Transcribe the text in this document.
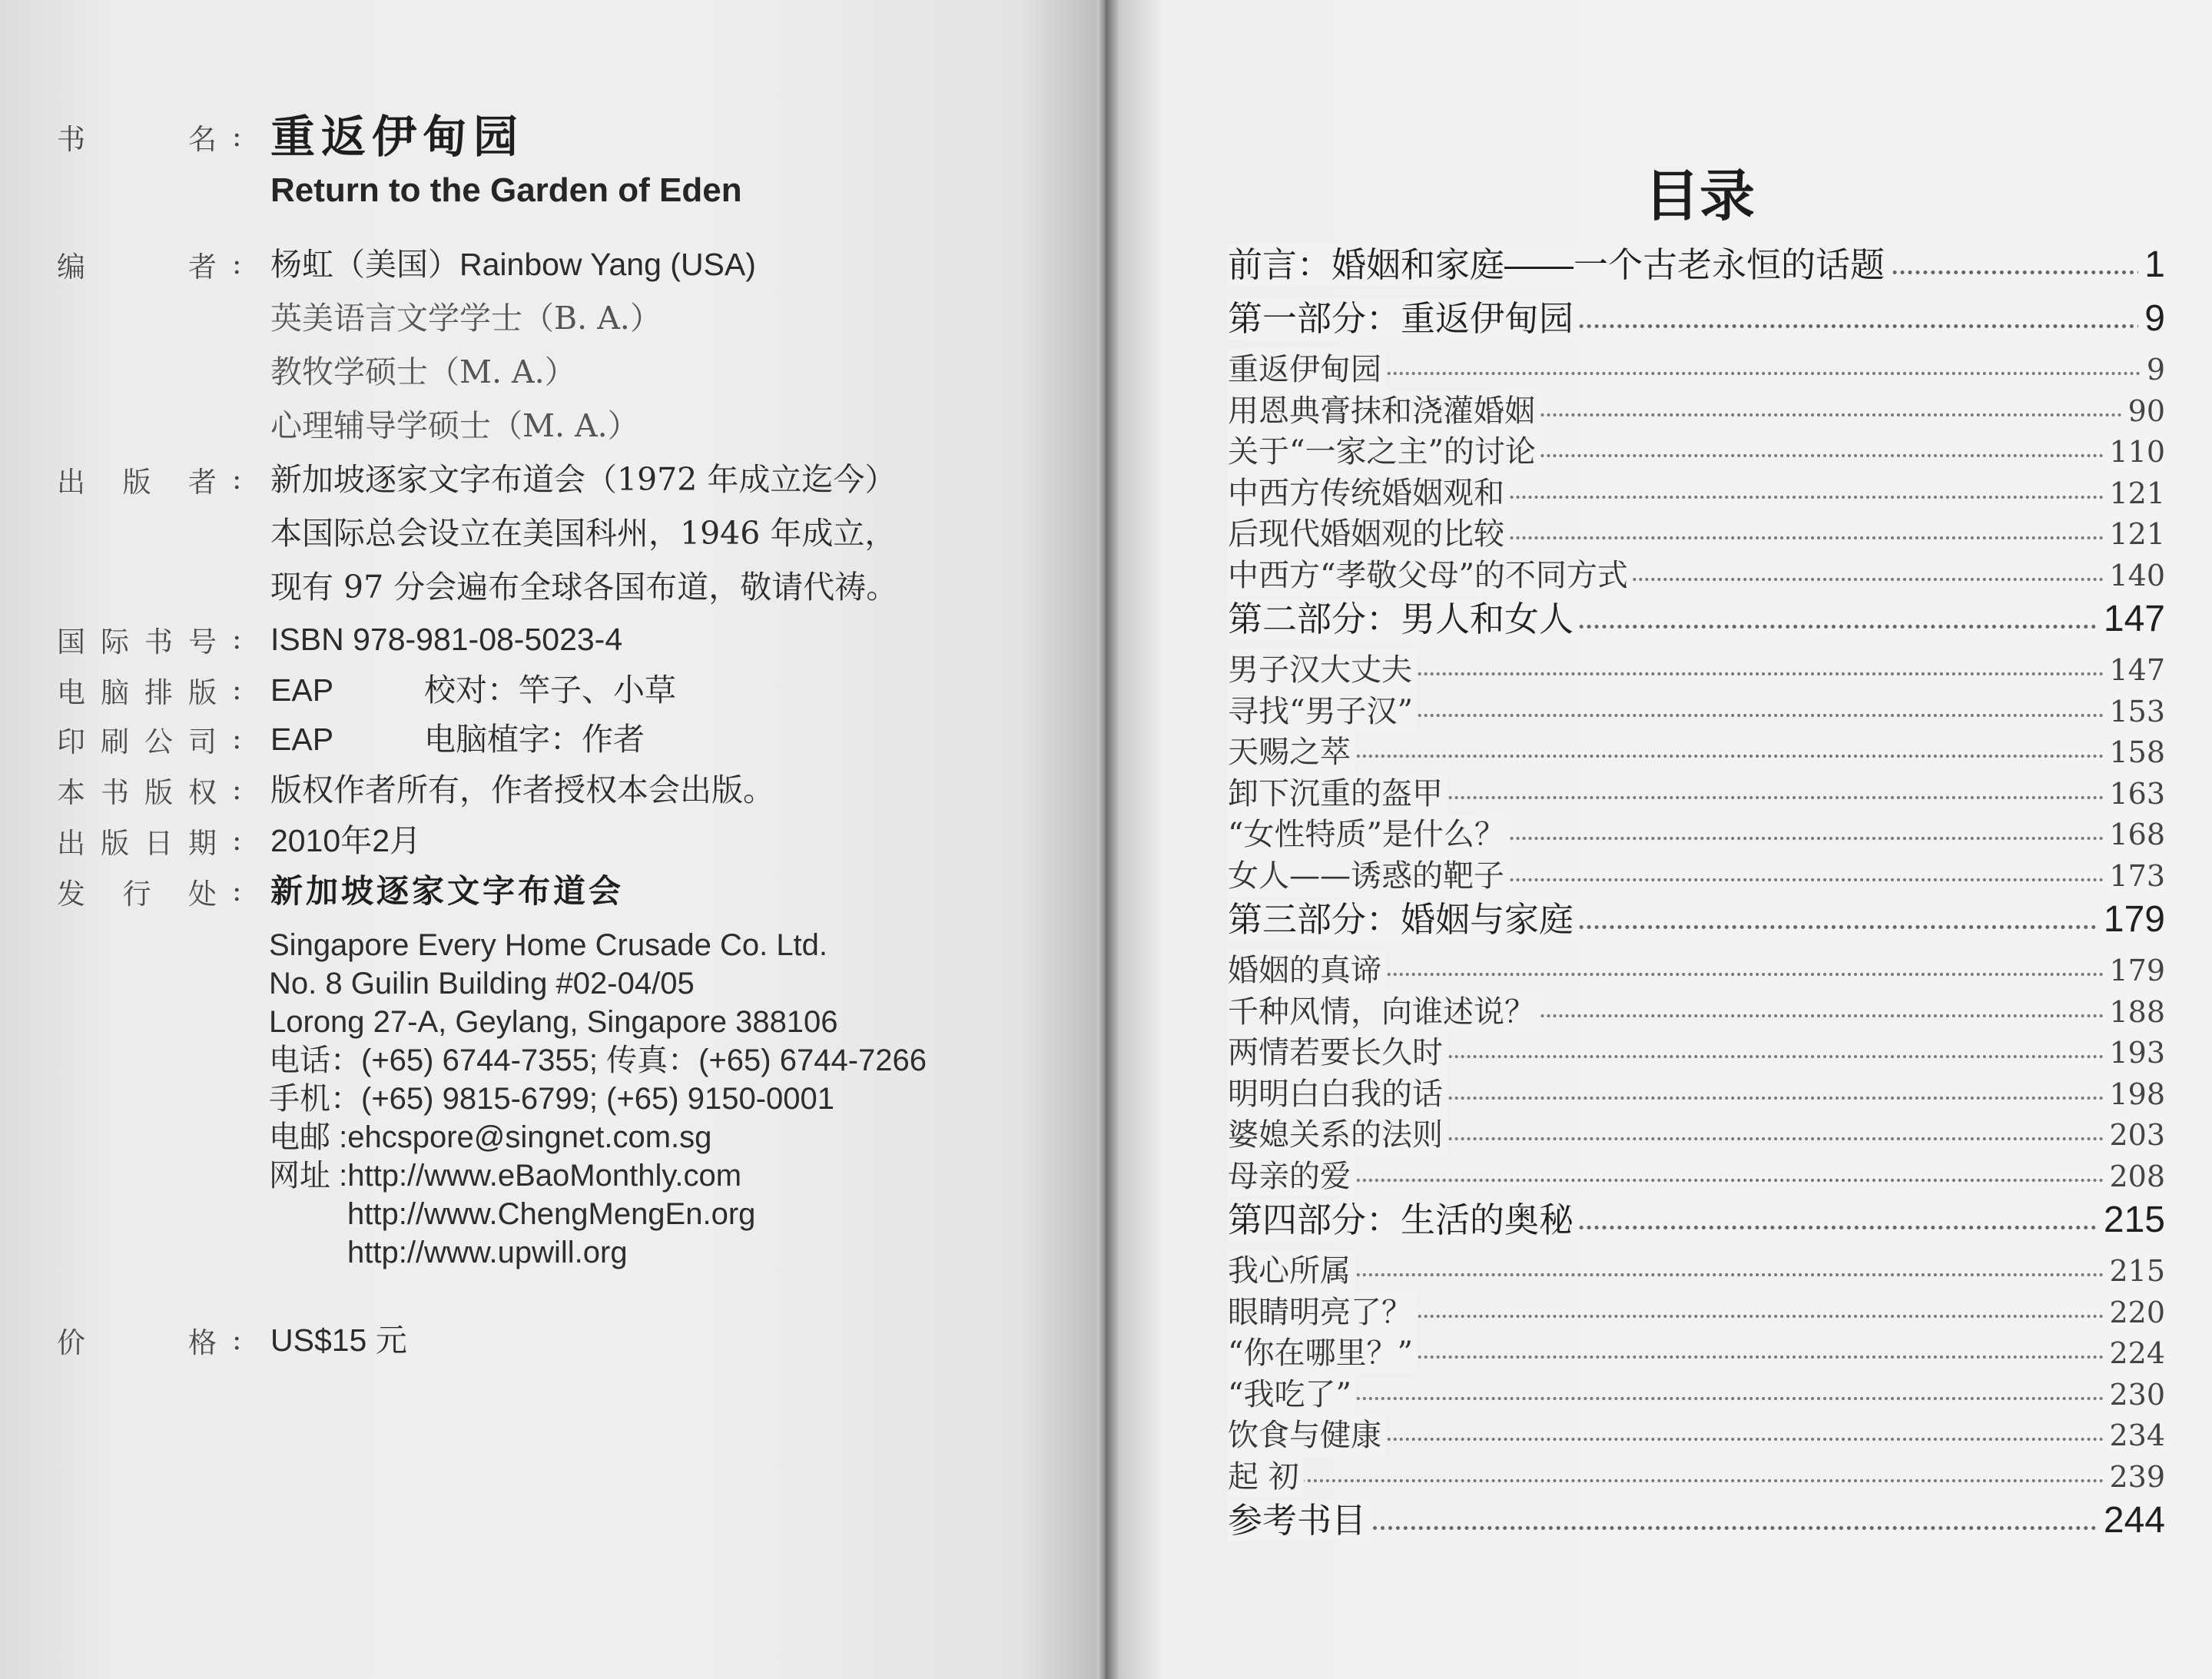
书	名 : 重返伊甸园
Return to the Garden of Eden
编	者 : 杨虹（美国）Rainbow Yang (USA)
英美语言文学学士（B. A.）
教牧学硕士（M. A.）
心理辅导学硕士（M. A.）
出 版 者 : 新加坡逐家文字布道会（1972 年成立迄今）
本国际总会设立在美国科州，1946 年成立，
现有 97 分会遍布全球各国布道，敬请代祷。
国 际 书 号 : ISBN 978-981-08-5023-4
电 脑 排 版 : EAP	校对：竿子、小草
印 刷 公 司 : EAP	电脑植字：作者
本 书 版 权 : 版权作者所有，作者授权本会出版。
出 版 日 期 : 2010年2月
发 行 处 : 新加坡逐家文字布道会
Singapore Every Home Crusade Co. Ltd.
No. 8 Guilin Building #02-04/05
Lorong 27-A, Geylang, Singapore 388106
电话：(+65) 6744-7355; 传真：(+65) 6744-7266
手机：(+65) 9815-6799; (+65) 9150-0001
电邮 :ehcspore@singnet.com.sg
网址 :http://www.eBaoMonthly.com
http://www.ChengMengEn.org
http://www.upwill.org
价	格 : US$15 元
目录
前言：婚姻和家庭——一个古老永恒的话题	1
第一部分：重返伊甸园	9
重返伊甸园	9
用恩典膏抹和浇灌婚姻	90
关于“一家之主”的讨论	110
中西方传统婚姻观和	121
后现代婚姻观的比较	121
中西方“孝敬父母”的不同方式	140
第二部分：男人和女人	147
男子汉大丈夫	147
寻找“男子汉”	153
天赐之萃	158
卸下沉重的盔甲	163
“女性特质”是什么？	168
女人——诱惑的靶子	173
第三部分：婚姻与家庭	179
婚姻的真谛	179
千种风情，向谁述说？	188
两情若要长久时	193
明明白白我的话	198
婆媳关系的法则	203
母亲的爱	208
第四部分：生活的奥秘	215
我心所属	215
眼睛明亮了？	220
“你在哪里？”	224
“我吃了”	230
饮食与健康	234
起 初	239
参考书目	244
